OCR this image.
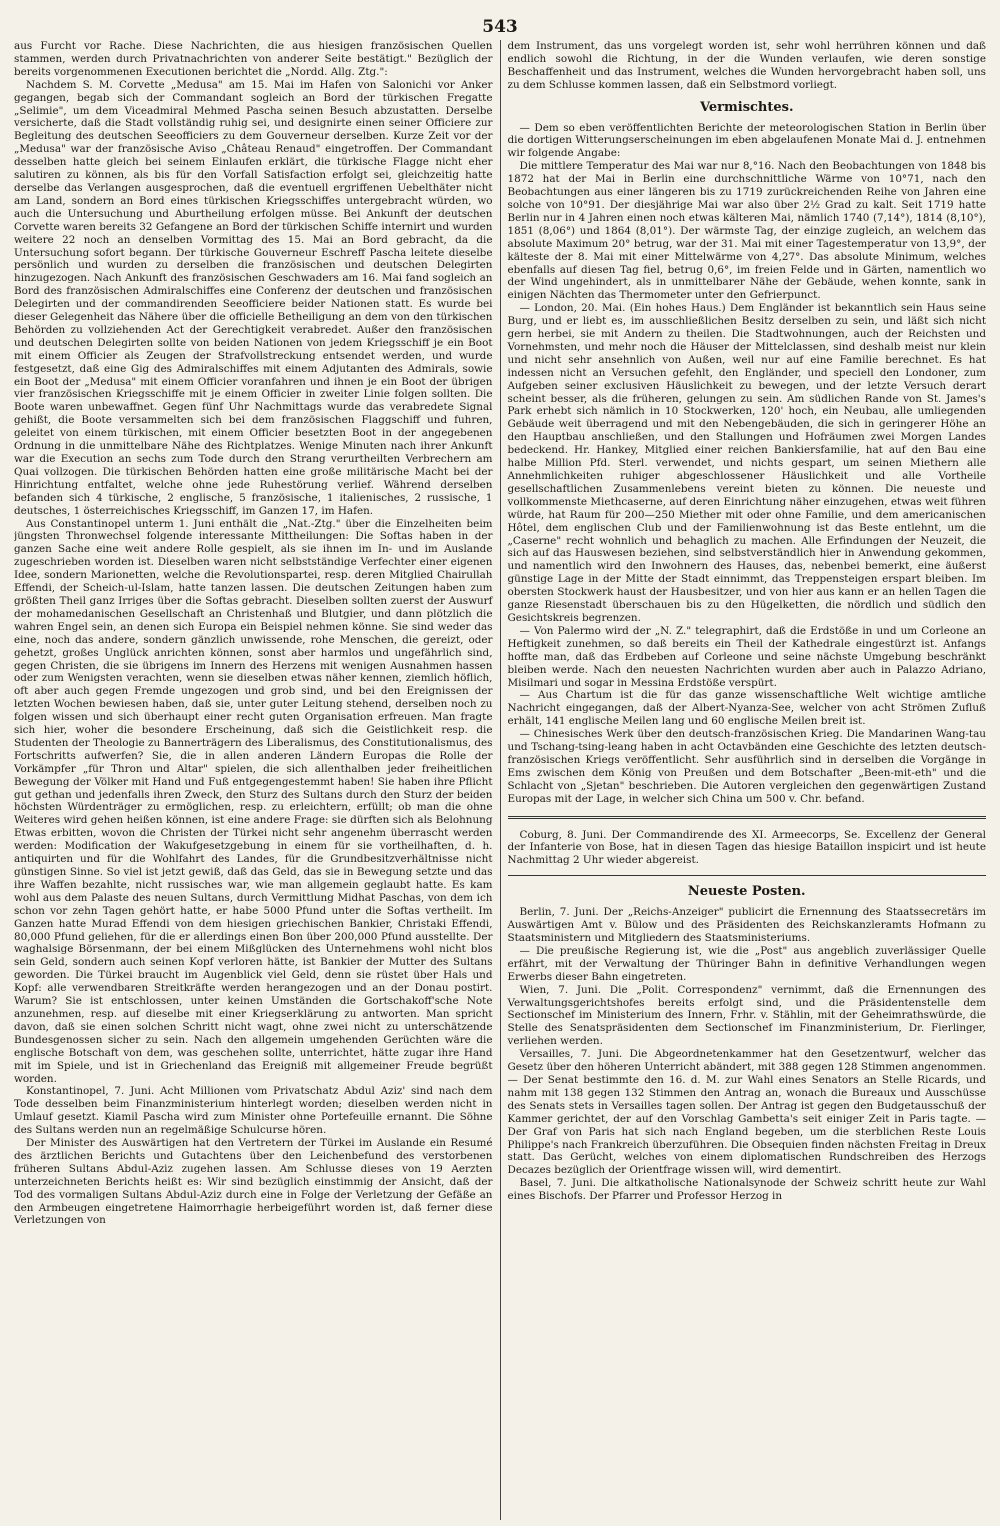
543

aus Furcht vor Rache. Diese Nachrichten, die aus hiesigen französischen Quellen stammen, werden durch Privatnachrichten von anderer Seite bestätigt." Bezüglich der bereits vorgenommenen Executionen berichtet die „Nordd. Allg. Ztg.":

Nachdem S. M. Corvette „Medusa" am 15. Mai im Hafen von Salonichi vor Anker gegangen, begab sich der Commandant sogleich an Bord der türkischen Fregatte „Selimie", um dem Viceadmiral Mehmed Pascha seinen Besuch abzustatten. Derselbe versicherte, daß die Stadt vollständig ruhig sei, und designirte einen seiner Officiere zur Begleitung des deutschen Seeofficiers zu dem Gouverneur derselben. Kurze Zeit vor der „Medusa" war der französische Aviso „Château Renaud" eingetroffen. Der Commandant desselben hatte gleich bei seinem Einlaufen erklärt, die türkische Flagge nicht eher salutiren zu können, als bis für den Vorfall Satisfaction erfolgt sei, gleichzeitig hatte derselbe das Verlangen ausgesprochen, daß die eventuell ergriffenen Uebelthäter nicht am Land, sondern an Bord eines türkischen Kriegsschiffes untergebracht würden, wo auch die Untersuchung und Aburtheilung erfolgen müsse. Bei Ankunft der deutschen Corvette waren bereits 32 Gefangene an Bord der türkischen Schiffe internirt und wurden weitere 22 noch an denselben Vormittag des 15. Mai an Bord gebracht, da die Untersuchung sofort begann. Der türkische Gouverneur Eschreff Pascha leitete dieselbe persönlich und wurden zu derselben die französischen und deutschen Delegirten hinzugezogen. Nach Ankunft des französischen Geschwaders am 16. Mai fand sogleich an Bord des französischen Admiralschiffes eine Conferenz der deutschen und französischen Delegirten und der commandirenden Seeofficiere beider Nationen statt. Es wurde bei dieser Gelegenheit das Nähere über die officielle Betheiligung an dem von den türkischen Behörden zu vollziehenden Act der Gerechtigkeit verabredet. Außer den französischen und deutschen Delegirten sollte von beiden Nationen von jedem Kriegsschiff je ein Boot mit einem Officier als Zeugen der Strafvollstreckung entsendet werden, und wurde festgesetzt, daß eine Gig des Admiralschiffes mit einem Adjutanten des Admirals, sowie ein Boot der „Medusa" mit einem Officier voranfahren und ihnen je ein Boot der übrigen vier französischen Kriegsschiffe mit je einem Officier in zweiter Linie folgen sollten. Die Boote waren unbewaffnet. Gegen fünf Uhr Nachmittags wurde das verabredete Signal gehißt, die Boote versammelten sich bei dem französischen Flaggschiff und fuhren, geleitet von einem türkischen, mit einem Officier besetzten Boot in der angegebenen Ordnung in die unmittelbare Nähe des Richtplatzes. Wenige Minuten nach ihrer Ankunft war die Execution an sechs zum Tode durch den Strang verurtheilten Verbrechern am Quai vollzogen. Die türkischen Behörden hatten eine große militärische Macht bei der Hinrichtung entfaltet, welche ohne jede Ruhestörung verlief. Während derselben befanden sich 4 türkische, 2 englische, 5 französische, 1 italienisches, 2 russische, 1 deutsches, 1 österreichisches Kriegsschiff, im Ganzen 17, im Hafen.

Aus Constantinopel unterm 1. Juni enthält die „Nat.-Ztg." über die Einzelheiten beim jüngsten Thronwechsel folgende interessante Mittheilungen: Die Softas haben in der ganzen Sache eine weit andere Rolle gespielt, als sie ihnen im In- und im Auslande zugeschrieben worden ist. Dieselben waren nicht selbstständige Verfechter einer eigenen Idee, sondern Marionetten, welche die Revolutionspartei, resp. deren Mitglied Chairullah Effendi, der Scheich-ul-Islam, hatte tanzen lassen. Die deutschen Zeitungen haben zum größten Theil ganz Irriges über die Softas gebracht. Dieselben sollten zuerst der Auswurf der mohamedanischen Gesellschaft an Christenhaß und Blutgier, und dann plötzlich die wahren Engel sein, an denen sich Europa ein Beispiel nehmen könne. Sie sind weder das eine, noch das andere, sondern gänzlich unwissende, rohe Menschen, die gereizt, oder gehetzt, großes Unglück anrichten können, sonst aber harmlos und ungefährlich sind, gegen Christen, die sie übrigens im Innern des Herzens mit wenigen Ausnahmen hassen oder zum Wenigsten verachten, wenn sie dieselben etwas näher kennen, ziemlich höflich, oft aber auch gegen Fremde ungezogen und grob sind, und bei den Ereignissen der letzten Wochen bewiesen haben, daß sie, unter guter Leitung stehend, derselben noch zu folgen wissen und sich überhaupt einer recht guten Organisation erfreuen. Man fragte sich hier, woher die besondere Erscheinung, daß sich die Geistlichkeit resp. die Studenten der Theologie zu Bannerträgern des Liberalismus, des Constitutionalismus, des Fortschritts aufwerfen? Sie, die in allen anderen Ländern Europas die Rolle der Vorkämpfer „für Thron und Altar" spielen, die sich allenthalben jeder freiheitlichen Bewegung der Völker mit Hand und Fuß entgegengestemmt haben! Sie haben ihre Pflicht gut gethan und jedenfalls ihren Zweck, den Sturz des Sultans durch den Sturz der beiden höchsten Würdenträger zu ermöglichen, resp. zu erleichtern, erfüllt; ob man die ohne Weiteres wird gehen heißen können, ist eine andere Frage: sie dürften sich als Belohnung Etwas erbitten, wovon die Christen der Türkei nicht sehr angenehm überrascht werden werden: Modification der Wakufgesetzgebung in einem für sie vortheilhaften, d. h. antiquirten und für die Wohlfahrt des Landes, für die Grundbesitzverhältnisse nicht günstigen Sinne. So viel ist jetzt gewiß, daß das Geld, das sie in Bewegung setzte und das ihre Waffen bezahlte, nicht russisches war, wie man allgemein geglaubt hatte. Es kam wohl aus dem Palaste des neuen Sultans, durch Vermittlung Midhat Paschas, von dem ich schon vor zehn Tagen gehört hatte, er habe 5000 Pfund unter die Softas vertheilt. Im Ganzen hatte Murad Effendi von dem hiesigen griechischen Bankier, Christaki Effendi, 80,000 Pfund geliehen, für die er allerdings einen Bon über 200,000 Pfund ausstellte. Der waghalsige Börsenmann, der bei einem Mißglücken des Unternehmens wohl nicht blos sein Geld, sondern auch seinen Kopf verloren hätte, ist Bankier der Mutter des Sultans geworden. Die Türkei braucht im Augenblick viel Geld, denn sie rüstet über Hals und Kopf: alle verwendbaren Streitkräfte werden herangezogen und an der Donau postirt. Warum? Sie ist entschlossen, unter keinen Umständen die Gortschakoff'sche Note anzunehmen, resp. auf dieselbe mit einer Kriegserklärung zu antworten. Man spricht davon, daß sie einen solchen Schritt nicht wagt, ohne zwei nicht zu unterschätzende Bundesgenossen sicher zu sein. Nach den allgemein umgehenden Gerüchten wäre die englische Botschaft von dem, was geschehen sollte, unterrichtet, hätte zugar ihre Hand mit im Spiele, und ist in Griechenland das Ereigniß mit allgemeiner Freude begrüßt worden.

Konstantinopel, 7. Juni. Acht Millionen vom Privatschatz Abdul Aziz' sind nach dem Tode desselben beim Finanzministerium hinterlegt worden; dieselben werden nicht in Umlauf gesetzt. Kiamil Pascha wird zum Minister ohne Portefeuille ernannt. Die Söhne des Sultans werden nun an regelmäßige Schulcurse hören.

Der Minister des Auswärtigen hat den Vertretern der Türkei im Auslande ein Resumé des ärztlichen Berichts und Gutachtens über den Leichenbefund des verstorbenen früheren Sultans Abdul-Aziz zugehen lassen. Am Schlusse dieses von 19 Aerzten unterzeichneten Berichts heißt es: Wir sind bezüglich einstimmig der Ansicht, daß der Tod des vormaligen Sultans Abdul-Aziz durch eine in Folge der Verletzung der Gefäße an den Armbeugen eingetretene Haimorrhagie herbeigeführt worden ist, daß ferner diese Verletzungen von

dem Instrument, das uns vorgelegt worden ist, sehr wohl herrühren können und daß endlich sowohl die Richtung, in der die Wunden verlaufen, wie deren sonstige Beschaffenheit und das Instrument, welches die Wunden hervorgebracht haben soll, uns zu dem Schlusse kommen lassen, daß ein Selbstmord vorliegt.

Vermischtes.

— Dem so eben veröffentlichten Berichte der meteorologischen Station in Berlin über die dortigen Witterungserscheinungen im eben abgelaufenen Monate Mai d. J. entnehmen wir folgende Angabe:

Die mittlere Temperatur des Mai war nur 8,°16. Nach den Beobachtungen von 1848 bis 1872 hat der Mai in Berlin eine durchschnittliche Wärme von 10°71, nach den Beobachtungen aus einer längeren bis zu 1719 zurückreichenden Reihe von Jahren eine solche von 10°91. Der diesjährige Mai war also über 2½ Grad zu kalt. Seit 1719 hatte Berlin nur in 4 Jahren einen noch etwas kälteren Mai, nämlich 1740 (7,14°), 1814 (8,10°), 1851 (8,06°) und 1864 (8,01°). Der wärmste Tag, der einzige zugleich, an welchem das absolute Maximum 20° betrug, war der 31. Mai mit einer Tagestemperatur von 13,9°, der kälteste der 8. Mai mit einer Mittelwärme von 4,27°. Das absolute Minimum, welches ebenfalls auf diesen Tag fiel, betrug 0,6°, im freien Felde und in Gärten, namentlich wo der Wind ungehindert, als in unmittelbarer Nähe der Gebäude, wehen konnte, sank in einigen Nächten das Thermometer unter den Gefrierpunct.

— London, 20. Mai. (Ein hohes Haus.) Dem Engländer ist bekanntlich sein Haus seine Burg, und er liebt es, im ausschließlichen Besitz derselben zu sein, und läßt sich nicht gern herbei, sie mit Andern zu theilen. Die Stadtwohnungen, auch der Reichsten und Vornehmsten, und mehr noch die Häuser der Mittelclassen, sind deshalb meist nur klein und nicht sehr ansehnlich von Außen, weil nur auf eine Familie berechnet. Es hat indessen nicht an Versuchen gefehlt, den Engländer, und speciell den Londoner, zum Aufgeben seiner exclusiven Häuslichkeit zu bewegen, und der letzte Versuch derart scheint besser, als die früheren, gelungen zu sein. Am südlichen Rande von St. James's Park erhebt sich nämlich in 10 Stockwerken, 120' hoch, ein Neubau, alle umliegenden Gebäude weit überragend und mit den Nebengebäuden, die sich in geringerer Höhe an den Hauptbau anschließen, und den Stallungen und Hofräumen zwei Morgen Landes bedeckend. Hr. Hankey, Mitglied einer reichen Bankiersfamilie, hat auf den Bau eine halbe Million Pfd. Sterl. verwendet, und nichts gespart, um seinen Miethern alle Annehmlichkeiten ruhiger abgeschlossener Häuslichkeit und alle Vortheile gesellschaftlichen Zusammenlebens vereint bieten zu können. Die neueste und vollkommenste Miethcaserne, auf deren Einrichtung näher einzugehen, etwas weit führen würde, hat Raum für 200—250 Miether mit oder ohne Familie, und dem americanischen Hôtel, dem englischen Club und der Familienwohnung ist das Beste entlehnt, um die „Caserne" recht wohnlich und behaglich zu machen. Alle Erfindungen der Neuzeit, die sich auf das Hauswesen beziehen, sind selbstverständlich hier in Anwendung gekommen, und namentlich wird den Inwohnern des Hauses, das, nebenbei bemerkt, eine äußerst günstige Lage in der Mitte der Stadt einnimmt, das Treppensteigen erspart bleiben. Im obersten Stockwerk haust der Hausbesitzer, und von hier aus kann er an hellen Tagen die ganze Riesenstadt überschauen bis zu den Hügelketten, die nördlich und südlich den Gesichtskreis begrenzen.

— Von Palermo wird der „N. Z." telegraphirt, daß die Erdstöße in und um Corleone an Heftigkeit zunehmen, so daß bereits ein Theil der Kathedrale eingestürzt ist. Anfangs hoffte man, daß das Erdbeben auf Corleone und seine nächste Umgebung beschränkt bleiben werde. Nach den neuesten Nachrichten wurden aber auch in Palazzo Adriano, Misilmari und sogar in Messina Erdstöße verspürt.

— Aus Chartum ist die für das ganze wissenschaftliche Welt wichtige amtliche Nachricht eingegangen, daß der Albert-Nyanza-See, welcher von acht Strömen Zufluß erhält, 141 englische Meilen lang und 60 englische Meilen breit ist.

— Chinesisches Werk über den deutsch-französischen Krieg. Die Mandarinen Wang-tau und Tschang-tsing-leang haben in acht Octavbänden eine Geschichte des letzten deutsch-französischen Kriegs veröffentlicht. Sehr ausführlich sind in derselben die Vorgänge in Ems zwischen dem König von Preußen und dem Botschafter „Been-mit-eth" und die Schlacht von „Sjetan" beschrieben. Die Autoren vergleichen den gegenwärtigen Zustand Europas mit der Lage, in welcher sich China um 500 v. Chr. befand.

Coburg, 8. Juni. Der Commandirende des XI. Armeecorps, Se. Excellenz der General der Infanterie von Bose, hat in diesen Tagen das hiesige Bataillon inspicirt und ist heute Nachmittag 2 Uhr wieder abgereist.

Neueste Posten.

Berlin, 7. Juni. Der „Reichs-Anzeiger" publicirt die Ernennung des Staatssecretärs im Auswärtigen Amt v. Bülow und des Präsidenten des Reichskanzleramts Hofmann zu Staatsministern und Mitgliedern des Staatsministeriums.

— Die preußische Regierung ist, wie die „Post" aus angeblich zuverlässiger Quelle erfährt, mit der Verwaltung der Thüringer Bahn in definitive Verhandlungen wegen Erwerbs dieser Bahn eingetreten.

Wien, 7. Juni. Die „Polit. Correspondenz" vernimmt, daß die Ernennungen des Verwaltungsgerichtshofes bereits erfolgt sind, und die Präsidentenstelle dem Sectionschef im Ministerium des Innern, Frhr. v. Stählin, mit der Geheimrathswürde, die Stelle des Senatspräsidenten dem Sectionschef im Finanzministerium, Dr. Fierlinger, verliehen werden.

Versailles, 7. Juni. Die Abgeordnetenkammer hat den Gesetzentwurf, welcher das Gesetz über den höheren Unterricht abändert, mit 388 gegen 128 Stimmen angenommen. — Der Senat bestimmte den 16. d. M. zur Wahl eines Senators an Stelle Ricards, und nahm mit 138 gegen 132 Stimmen den Antrag an, wonach die Bureaux und Ausschüsse des Senats stets in Versailles tagen sollen. Der Antrag ist gegen den Budgetausschuß der Kammer gerichtet, der auf den Vorschlag Gambetta's seit einiger Zeit in Paris tagte. — Der Graf von Paris hat sich nach England begeben, um die sterblichen Reste Louis Philippe's nach Frankreich überzuführen. Die Obsequien finden nächsten Freitag in Dreux statt. Das Gerücht, welches von einem diplomatischen Rundschreiben des Herzogs Decazes bezüglich der Orientfrage wissen will, wird dementirt.

Basel, 7. Juni. Die altkatholische Nationalsynode der Schweiz schritt heute zur Wahl eines Bischofs. Der Pfarrer und Professor Herzog in
